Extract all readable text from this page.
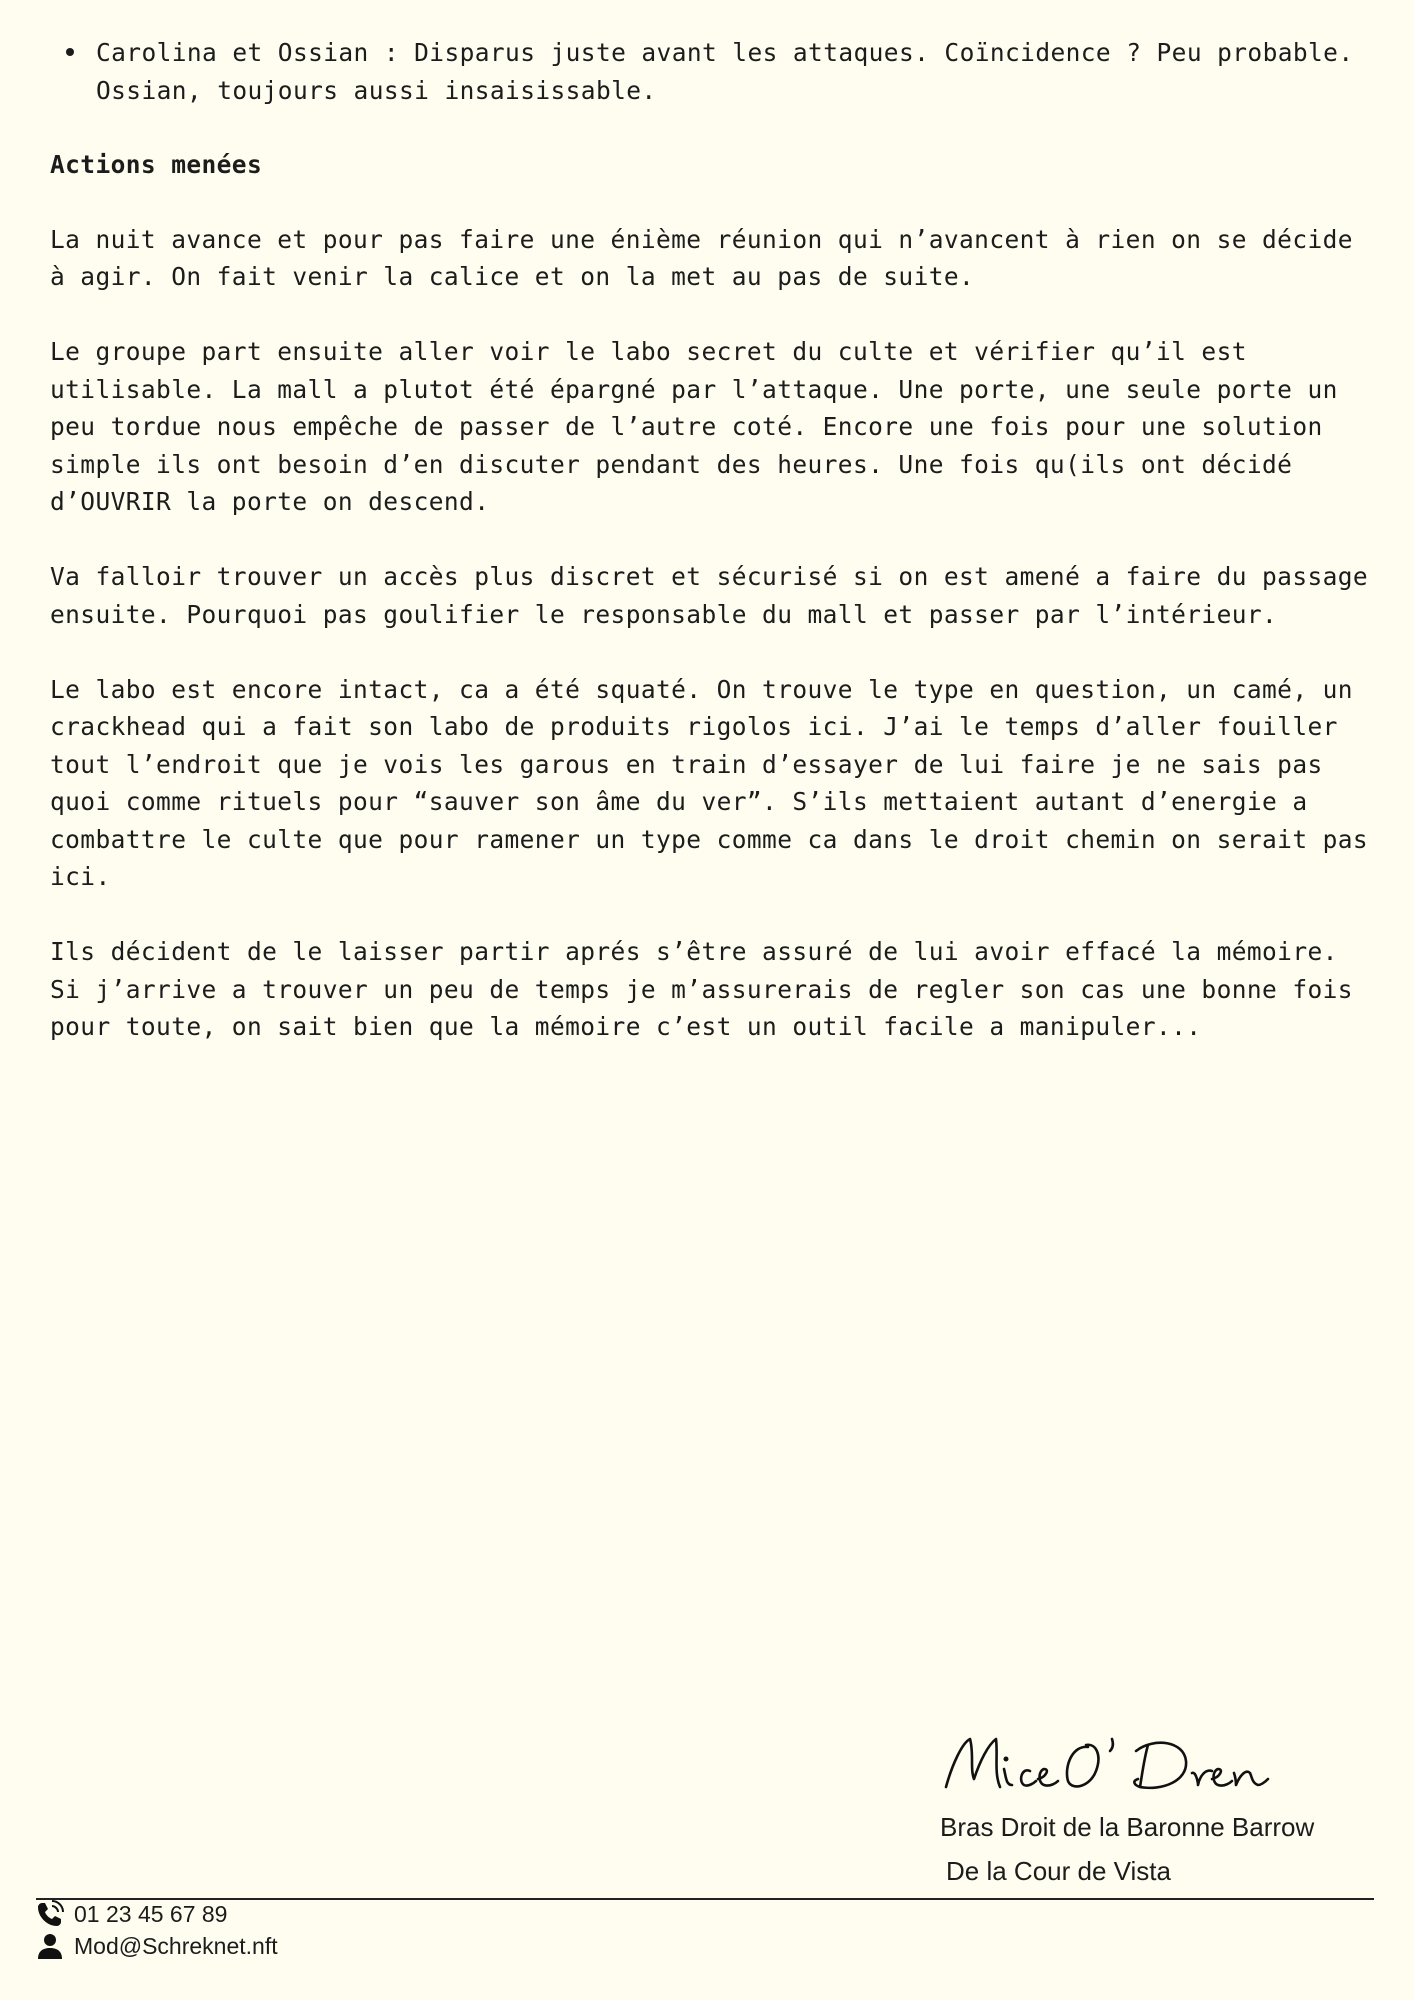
Carolina et Ossian : Disparus juste avant les attaques. Coïncidence ? Peu probable. Ossian, toujours aussi insaisissable.
Actions menées

La nuit avance et pour pas faire une énième réunion qui n’avancent à rien on se décide à agir. On fait venir la calice et on la met au pas de suite.

Le groupe part ensuite aller voir le labo secret du culte et vérifier qu’il est utilisable. La mall a plutot été épargné par l’attaque. Une porte, une seule porte un peu tordue nous empêche de passer de l’autre coté. Encore une fois pour une solution simple ils ont besoin d’en discuter pendant des heures. Une fois qu(ils ont décidé d’OUVRIR la porte on descend.

Va falloir trouver un accès plus discret et sécurisé si on est amené a faire du passage ensuite. Pourquoi pas goulifier le responsable du mall et passer par l’intérieur.

Le labo est encore intact, ca a été squaté. On trouve le type en question, un camé, un crackhead qui a fait son labo de produits rigolos ici. J’ai le temps d’aller fouiller tout l’endroit que je vois les garous en train d’essayer de lui faire je ne sais pas quoi comme rituels pour “sauver son âme du ver”. S’ils mettaient autant d’energie a combattre le culte que pour ramener un type comme ca dans le droit chemin on serait pas ici.

Ils décident de le laisser partir aprés s’être assuré de lui avoir effacé la mémoire. Si j’arrive a trouver un peu de temps je m’assurerais de regler son cas une bonne fois pour toute, on sait bien que la mémoire c’est un outil facile a manipuler...

Bras Droit de la Baronne Barrow
De la Cour de Vista
01 23 45 67 89
Mod@Schreknet.nft
